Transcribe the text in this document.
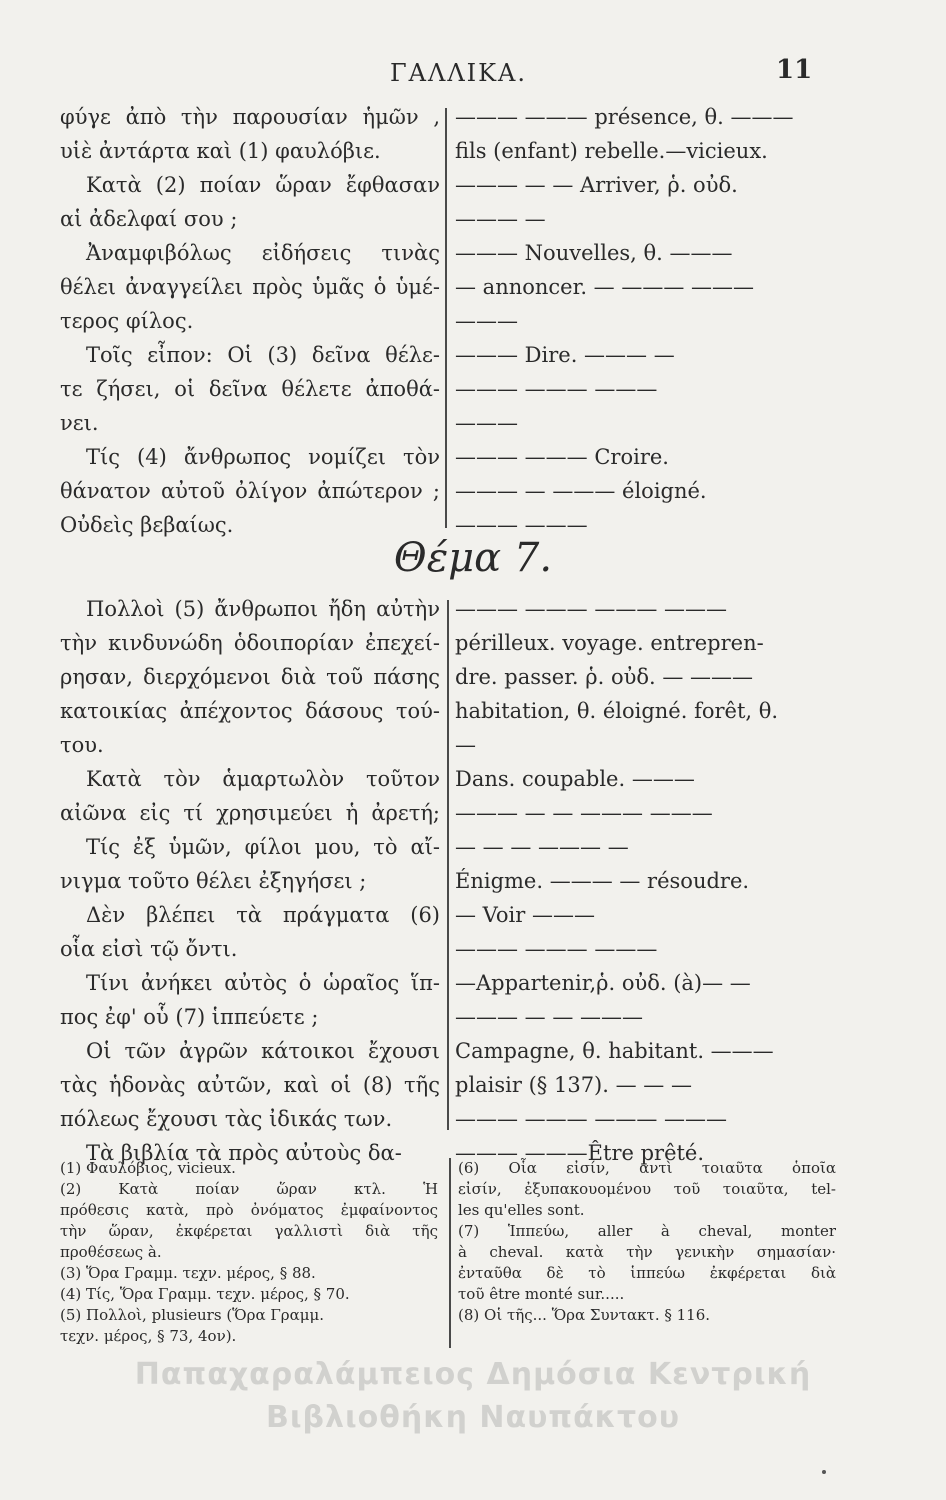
ΓΑΛΛΙΚΑ.	11
φύγε ἀπὸ τὴν παρουσίαν ἡμῶν ,
υἱὲ ἀντάρτα καὶ (1) φαυλόβιε.
Κατὰ (2) ποίαν ὥραν ἔφθασαν
αἱ ἀδελφαί σου ;
Ἀναμφιβόλως εἰδήσεις τινὰς
θέλει ἀναγγείλει πρὸς ὑμᾶς ὁ ὑμέ-
τερος φίλος.
Τοῖς εἶπον: Οἱ (3) δεῖνα θέλε-
τε ζήσει, οἱ δεῖνα θέλετε ἀποθά-
νει.
Τίς (4) ἄνθρωπος νομίζει τὸν
θάνατον αὐτοῦ ὀλίγον ἀπώτερον ;
Οὐδεὶς βεβαίως.
——— ——— présence, θ. ———
fils (enfant) rebelle.—vicieux.
——— — — Arriver, ῥ. οὐδ.
——— —
——— Nouvelles, θ. ———
— annoncer. — ——— ———
———
——— Dire. ——— —
——— ——— ———
———
——— ——— Croire.
——— — ——— éloigné.
——— ———
Θέμα 7.
Πολλοὶ (5) ἄνθρωποι ἤδη αὐτὴν
τὴν κινδυνώδη ὁδοιπορίαν ἐπεχεί-
ρησαν, διερχόμενοι διὰ τοῦ πάσης
κατοικίας ἀπέχοντος δάσους τού-
του.
Κατὰ τὸν ἁμαρτωλὸν τοῦτον
αἰῶνα εἰς τί χρησιμεύει ἡ ἀρετή;
Τίς ἐξ ὑμῶν, φίλοι μου, τὸ αἴ-
νιγμα τοῦτο θέλει ἐξηγήσει ;
Δὲν βλέπει τὰ πράγματα (6)
οἷα εἰσὶ τῷ ὄντι.
Τίνι ἀνήκει αὐτὸς ὁ ὡραῖος ἵπ-
πος ἐφ' οὗ (7) ἱππεύετε ;
Οἱ τῶν ἀγρῶν κάτοικοι ἔχουσι
τὰς ἡδονὰς αὐτῶν, καὶ οἱ (8) τῆς
πόλεως ἔχουσι τὰς ἰδικάς των.
Τὰ βιβλία τὰ πρὸς αὐτοὺς δα-
——— ——— ——— ———
périlleux. voyage. entrepren-
dre. passer. ῥ. οὐδ. — ———
habitation, θ. éloigné. forêt, θ.
—
Dans. coupable. ———
——— — — ——— ———
— — — ——— —
Énigme. ——— — résoudre.
— Voir ———
——— ——— ———
—Appartenir,ῥ. οὐδ. (à)— —
——— — — ———
Campagne, θ. habitant. ———
plaisir (§ 137). — — —
——— ——— ——— ———
——— ———Être prêté.
(1) Φαυλόβιος, vicieux.
(2) Κατὰ ποίαν ὥραν κτλ. Ἡ
πρόθεσις κατὰ, πρὸ ὀνόματος ἐμφαίνοντος
τὴν ὥραν, ἐκφέρεται γαλλιστὶ διὰ τῆς
προθέσεως à.
(3) Ὅρα Γραμμ. τεχν. μέρος, § 88.
(4) Τίς, Ὅρα Γραμμ. τεχν. μέρος, § 70.
(5) Πολλοὶ, plusieurs (Ὅρα Γραμμ.
τεχν. μέρος, § 73, 4ον).
(6) Οἷα εἰσίν, ἀντὶ τοιαῦτα ὁποῖα
εἰσίν, ἐξυπακουομένου τοῦ τοιαῦτα, tel-
les qu'elles sont.
(7) Ἱππεύω, aller à cheval, monter
à cheval. κατὰ τὴν γενικὴν σημασίαν·
ἐνταῦθα δὲ τὸ ἱππεύω ἐκφέρεται διὰ
τοῦ être monté sur.....
(8) Οἱ τῆς... Ὅρα Συντακτ. § 116.
Παπαχαραλάμπειος Δημόσια Κεντρική
Βιβλιοθήκη Ναυπάκτου
